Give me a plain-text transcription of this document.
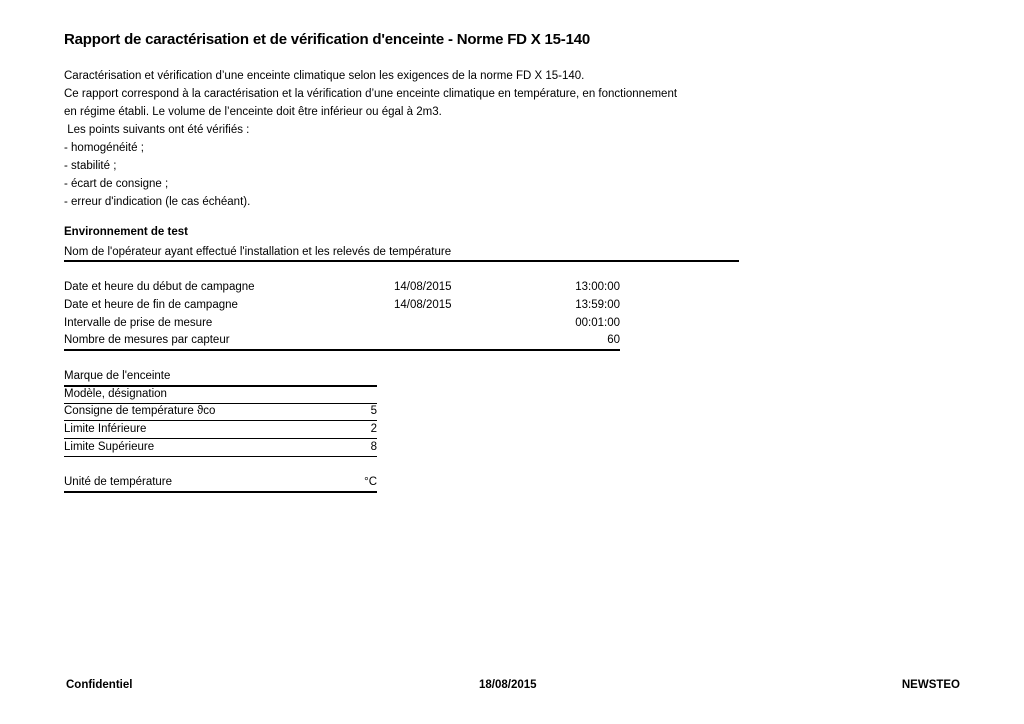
Rapport de caractérisation et de vérification d'enceinte - Norme FD X 15-140
Caractérisation et vérification d’une enceinte climatique selon les exigences de la norme FD X 15-140.
Ce rapport correspond à la caractérisation et la vérification d’une enceinte climatique en température, en fonctionnement
en régime établi. Le volume de l’enceinte doit être inférieur ou égal à 2m3.
Les points suivants ont été vérifiés :
- homogénéité ;
- stabilité ;
- écart de consigne ;
- erreur d'indication (le cas échéant).
Environnement de test
Nom de l'opérateur ayant effectué l'installation et les relevés de température
Date et heure du début de campagne	14/08/2015	13:00:00
Date et heure de fin de campagne	14/08/2015	13:59:00
Intervalle de prise de mesure	00:01:00
Nombre de mesures par capteur	60
Marque de l'enceinte
Modèle, désignation
Consigne de température ϑco	5
Limite Inférieure	2
Limite Supérieure	8
Unité de température	°C
Confidentiel	18/08/2015	NEWSTEO
